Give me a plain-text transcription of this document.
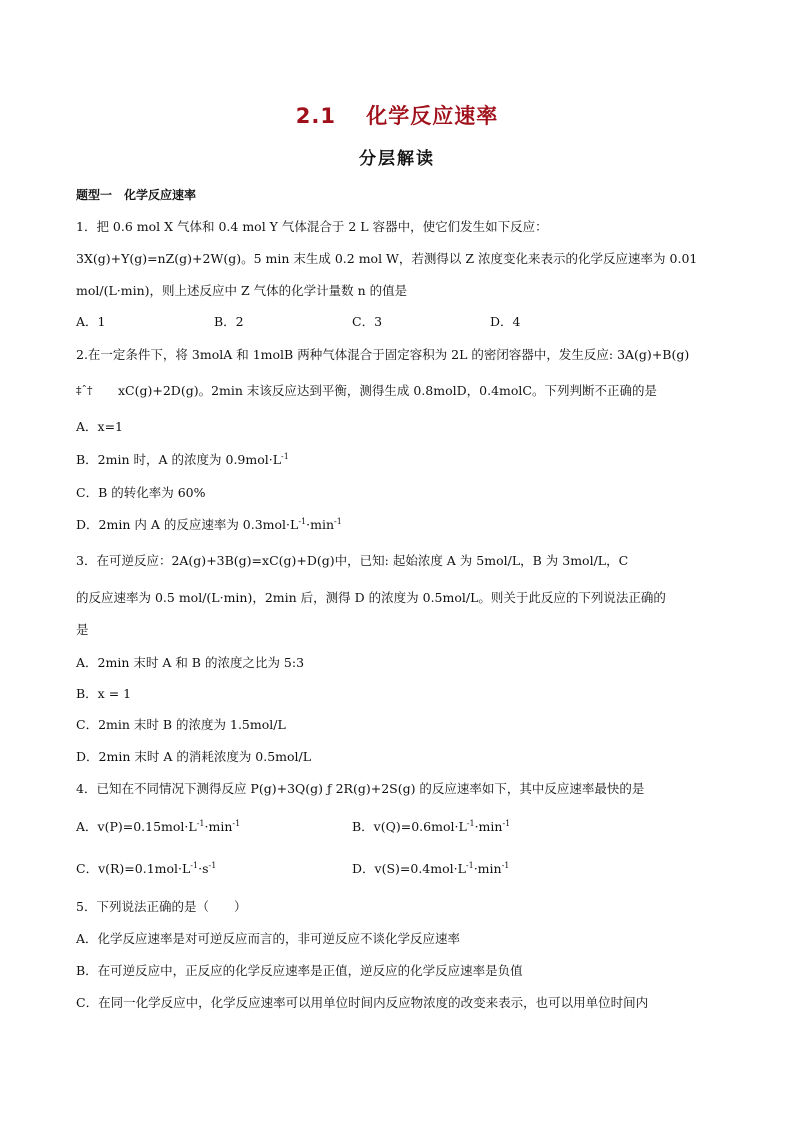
2.1　 化学反应速率
分层解读
题型一　化学反应速率
1．把 0.6 mol X 气体和 0.4 mol Y 气体混合于 2 L 容器中，使它们发生如下反应：
3X(g)+Y(g)=nZ(g)+2W(g)。5 min 末生成 0.2 mol W，若测得以 Z 浓度变化来表示的化学反应速率为 0.01
mol/(L·min)，则上述反应中 Z 气体的化学计量数 n 的值是
A．1	B．2	C．3	D．4
2.在一定条件下，将 3molA 和 1molB 两种气体混合于固定容积为 2L 的密闭容器中，发生反应: 3A(g)+B(g)
‡ˆ† xC(g)+2D(g)。2min 末该反应达到平衡，测得生成 0.8molD，0.4molC。下列判断不正确的是
A．x=1
B．2min 时，A 的浓度为 $0.9mol\cdot L^{-1}$
C．B 的转化率为 60%
D．2min 内 A 的反应速率为 $0.3mol\cdot L^{-1}\cdot\min^{-1}$
3．在可逆反应：2A(g)+3B(g)=xC(g)+D(g)中，已知: 起始浓度 A 为 5mol/L，B 为 3mol/L，C
的反应速率为 0.5 mol/(L·min)，2min 后，测得 D 的浓度为 0.5mol/L。则关于此反应的下列说法正确的
是
A．2min 末时 A 和 B 的浓度之比为 5:3
B．x = 1
C．2min 末时 B 的浓度为 1.5mol/L
D．2min 末时 A 的消耗浓度为 0.5mol/L
4．已知在不同情况下测得反应 P(g)+3Q(g) ƒ 2R(g)+2S(g) 的反应速率如下，其中反应速率最快的是
A．$v(P)=0.15mol\cdot L^{-1}\cdot\min^{-1}$	B．$v(Q)=0.6mol\cdot L^{-1}\cdot\min^{-1}$
C．$v(R)=0.1mol\cdot L^{-1}\cdot s^{-1}$	D．$v(S)=0.4mol\cdot L^{-1}\cdot\min^{-1}$
5．下列说法正确的是（　　）
A．化学反应速率是对可逆反应而言的，非可逆反应不谈化学反应速率
B．在可逆反应中，正反应的化学反应速率是正值，逆反应的化学反应速率是负值
C．在同一化学反应中，化学反应速率可以用单位时间内反应物浓度的改变来表示，也可以用单位时间内
